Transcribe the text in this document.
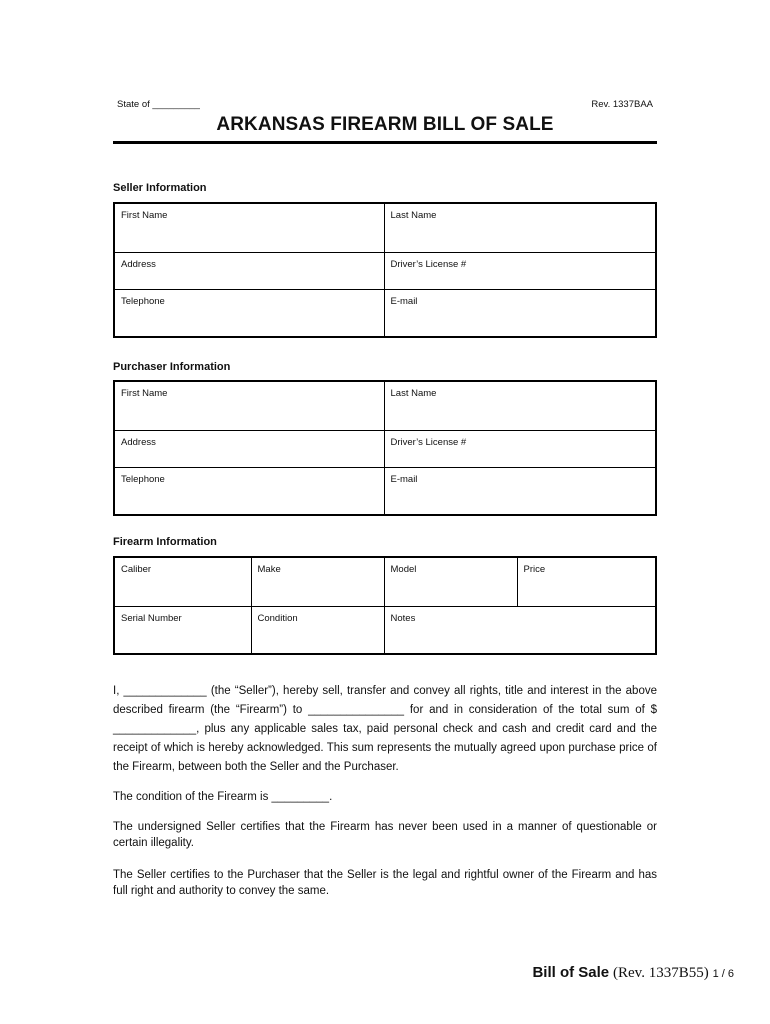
State of _________	Rev. 1337BAA
ARKANSAS FIREARM BILL OF SALE
Seller Information
First Name	Last Name
Address	Driver’s License #
Telephone	E-mail
Purchaser Information
First Name	Last Name
Address	Driver’s License #
Telephone	E-mail
Firearm Information
Caliber	Make	Model	Price
Serial Number	Condition	Notes	

I, _____________ (the “Seller”), hereby sell, transfer and convey all rights, title and interest in the above described firearm (the “Firearm”) to _______________ for and in consideration of the total sum of $ _____________, plus any applicable sales tax, paid personal check and cash and credit card and the receipt of which is hereby acknowledged. This sum represents the mutually agreed upon purchase price of the Firearm, between both the Seller and the Purchaser.

The condition of the Firearm is _________.

The undersigned Seller certifies that the Firearm has never been used in a manner of questionable or certain illegality.

The Seller certifies to the Purchaser that the Seller is the legal and rightful owner of the Firearm and has full right and authority to convey the same.

Bill of Sale (Rev. 1337B55) 1 / 6
